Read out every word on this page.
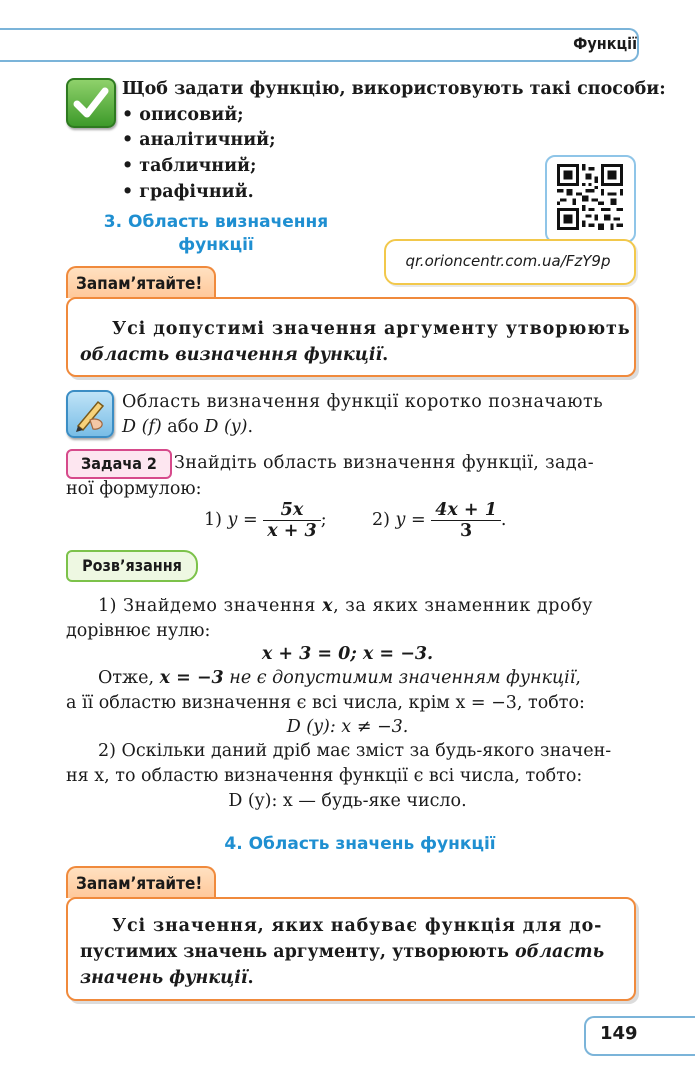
Функції
Щоб задати функцію, використовують такі способи:
• описовий;
• аналітичний;
• табличний;
• графічний.
3. Область визначення
функції
qr.orioncentr.com.ua/FzY9p
Запам’ятайте!
Усі допустимі значення аргументу утворюють
область визначення функції.
Область визначення функції коротко позначають
D (f) або D (y).
Задача 2 Знайдіть область визначення функції, зада-
ної формулою:
1) $y = \frac{5x}{x + 3}$ ;	2) $y = \frac{4x + 1}{3}$ .
Розв’язання
1) Знайдемо значення x, за яких знаменник дробу
дорівнює нулю:
x + 3 = 0; x = −3.
Отже, x = −3 не є допустимим значенням функції,
а її областю визначення є всі числа, крім x = −3, тобто:
D (y): x ≠ −3.
2) Оскільки даний дріб має зміст за будь-якого значен-
ня x, то областю визначення функції є всі числа, тобто:
D (y): x — будь-яке число.
4. Область значень функції
Запам’ятайте!
Усі значення, яких набуває функція для до-
пустимих значень аргументу, утворюють область
значень функції.
149
